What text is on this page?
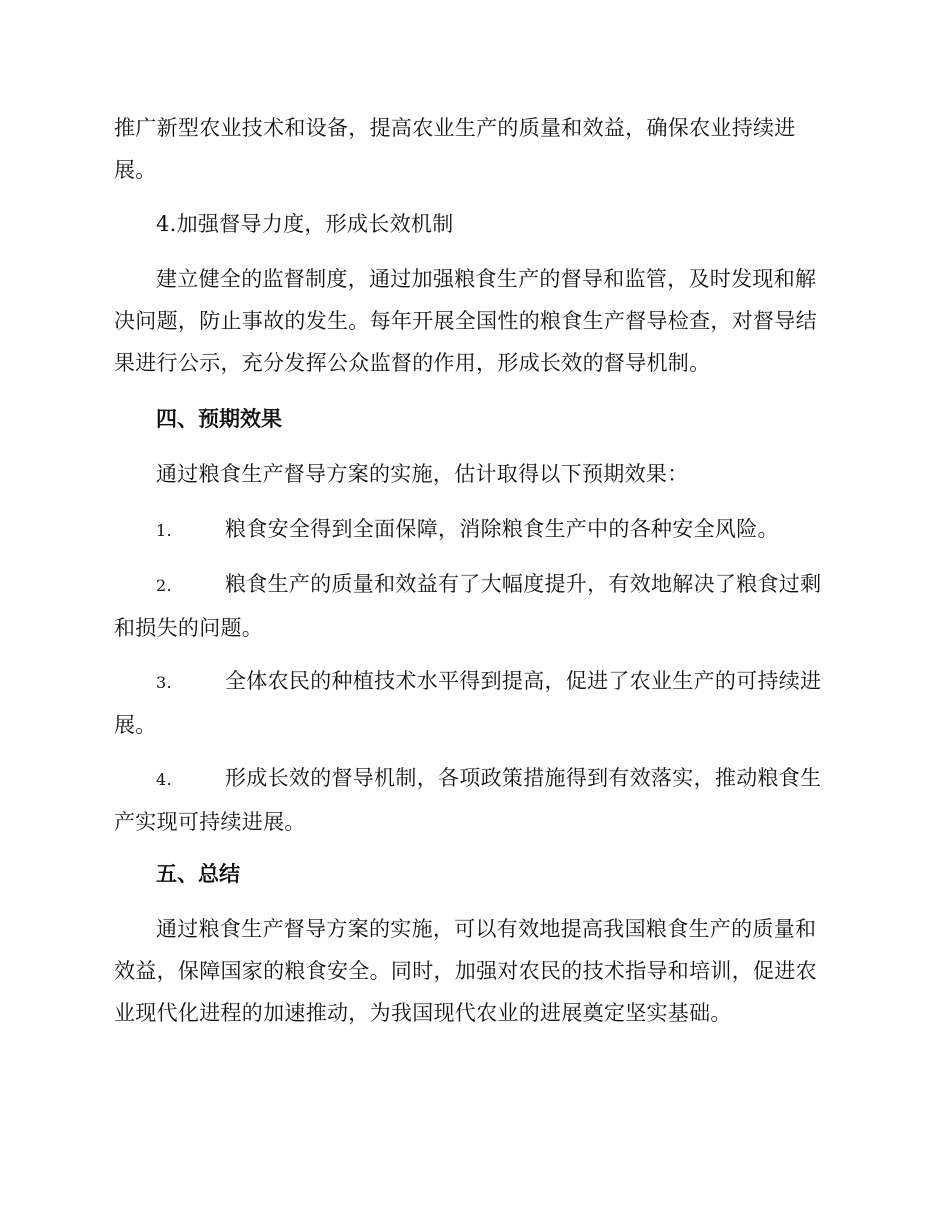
推广新型农业技术和设备，提高农业生产的质量和效益，确保农业持续进展。

4.加强督导力度，形成长效机制

建立健全的监督制度，通过加强粮食生产的督导和监管，及时发现和解决问题，防止事故的发生。每年开展全国性的粮食生产督导检查，对督导结果进行公示，充分发挥公众监督的作用，形成长效的督导机制。

四、预期效果

通过粮食生产督导方案的实施，估计取得以下预期效果：

1.	粮食安全得到全面保障，消除粮食生产中的各种安全风险。

2.	粮食生产的质量和效益有了大幅度提升，有效地解决了粮食过剩和损失的问题。

3.	全体农民的种植技术水平得到提高，促进了农业生产的可持续进展。

4.	形成长效的督导机制，各项政策措施得到有效落实，推动粮食生产实现可持续进展。

五、总结

通过粮食生产督导方案的实施，可以有效地提高我国粮食生产的质量和效益，保障国家的粮食安全。同时，加强对农民的技术指导和培训，促进农业现代化进程的加速推动，为我国现代农业的进展奠定坚实基础。
